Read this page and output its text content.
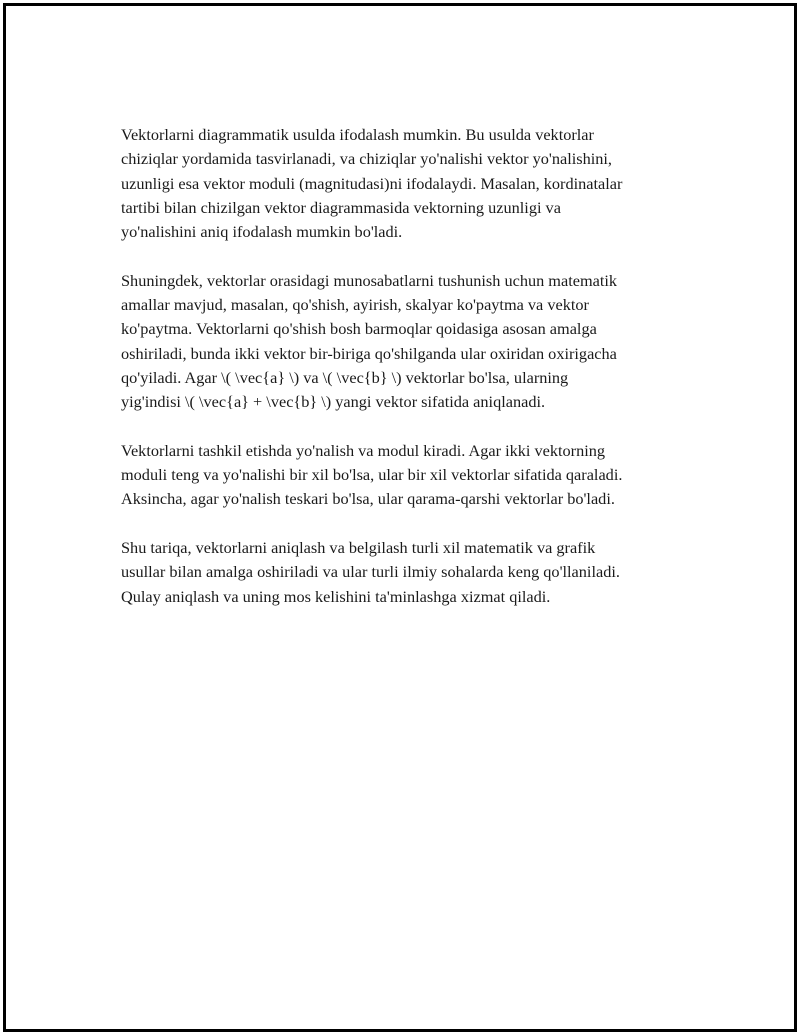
Vektorlarni diagrammatik usulda ifodalash mumkin. Bu usulda vektorlar
chiziqlar yordamida tasvirlanadi, va chiziqlar yo'nalishi vektor yo'nalishini,
uzunligi esa vektor moduli (magnitudasi)ni ifodalaydi. Masalan, kordinatalar
tartibi bilan chizilgan vektor diagrammasida vektorning uzunligi va
yo'nalishini aniq ifodalash mumkin bo'ladi.

Shuningdek, vektorlar orasidagi munosabatlarni tushunish uchun matematik
amallar mavjud, masalan, qo'shish, ayirish, skalyar ko'paytma va vektor
ko'paytma. Vektorlarni qo'shish bosh barmoqlar qoidasiga asosan amalga
oshiriladi, bunda ikki vektor bir-biriga qo'shilganda ular oxiridan oxirigacha
qo'yiladi. Agar \( \vec{a} \) va \( \vec{b} \) vektorlar bo'lsa, ularning
yig'indisi \( \vec{a} + \vec{b} \) yangi vektor sifatida aniqlanadi.

Vektorlarni tashkil etishda yo'nalish va modul kiradi. Agar ikki vektorning
moduli teng va yo'nalishi bir xil bo'lsa, ular bir xil vektorlar sifatida qaraladi.
Aksincha, agar yo'nalish teskari bo'lsa, ular qarama-qarshi vektorlar bo'ladi.

Shu tariqa, vektorlarni aniqlash va belgilash turli xil matematik va grafik
usullar bilan amalga oshiriladi va ular turli ilmiy sohalarda keng qo'llaniladi.
Qulay aniqlash va uning mos kelishini ta'minlashga xizmat qiladi.
